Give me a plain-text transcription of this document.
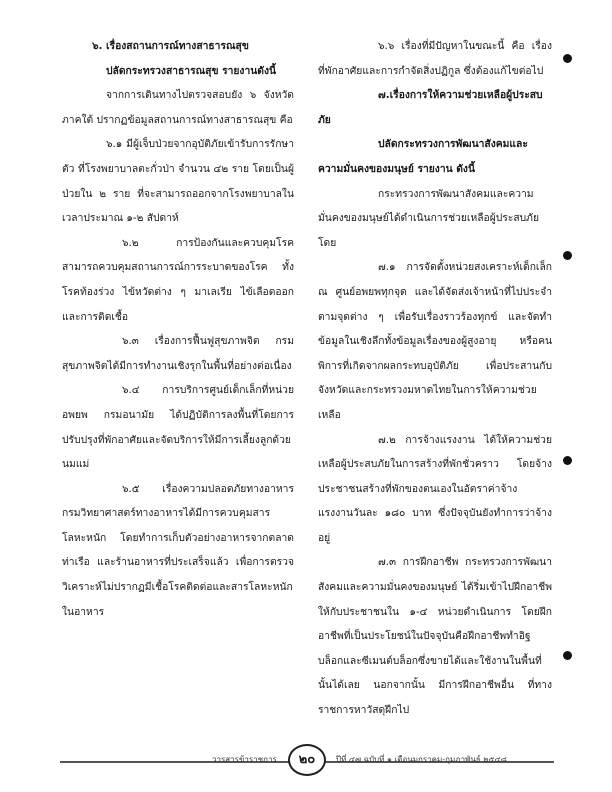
๖. เรื่องสถานการณ์ทางสาธารณสุข

ปลัดกระทรวงสาธารณสุข รายงานดังนี้

จากการเดินทางไปตรวจสอบยัง ๖ จังหวัดภาคใต้ ปรากฏข้อมูลสถานการณ์ทางสาธารณสุข คือ

๖.๑ มีผู้เจ็บป่วยจากอุบัติภัยเข้ารับการรักษาตัว ที่โรงพยาบาลตะกั่วป่า จำนวน ๔๒ ราย โดยเป็นผู้ป่วยใน ๒ ราย ที่จะสามารถออกจากโรงพยาบาลในเวลาประมาณ ๑-๒ สัปดาห์

๖.๒ การป้องกันและควบคุมโรค สามารถควบคุมสถานการณ์การระบาดของโรค ทั้งโรคท้องร่วง ไข้หวัดต่าง ๆ มาเลเรีย ไข้เลือดออก และการติดเชื้อ

๖.๓ เรื่องการฟื้นฟูสุขภาพจิต กรมสุขภาพจิตได้มีการทำงานเชิงรุกในพื้นที่อย่างต่อเนื่อง

๖.๔ การบริการศูนย์เด็กเล็กที่หน่วยอพยพ กรมอนามัย ได้ปฏิบัติการลงพื้นที่โดยการปรับปรุงที่พักอาศัยและจัดบริการให้มีการเลี้ยงลูกด้วยนมแม่

๖.๕ เรื่องความปลอดภัยทางอาหาร กรมวิทยาศาสตร์ทางอาหารได้มีการควบคุมสารโลหะหนัก โดยทำการเก็บตัวอย่างอาหารจากตลาด ท่าเรือ และร้านอาหารที่ประเสร็จแล้ว เพื่อการตรวจวิเคราะห์ไม่ปรากฏมีเชื้อโรคติดต่อและสารโลหะหนักในอาหาร

๖.๖ เรื่องที่มีปัญหาในขณะนี้ คือ เรื่องที่พักอาศัยและการกำจัดสิ่งปฏิกูล ซึ่งต้องแก้ไขต่อไป

๗.เรื่องการให้ความช่วยเหลือผู้ประสบภัย

ปลัดกระทรวงการพัฒนาสังคมและความมั่นคงของมนุษย์ รายงาน ดังนี้

กระทรวงการพัฒนาสังคมและความมั่นคงของมนุษย์ได้ดำเนินการช่วยเหลือผู้ประสบภัย โดย

๗.๑ การจัดตั้งหน่วยสงเคราะห์เด็กเล็ก ณ ศูนย์อพยพทุกจุด และได้จัดส่งเจ้าหน้าที่ไปประจำตามจุดต่าง ๆ เพื่อรับเรื่องราวร้องทุกข์ และจัดทำข้อมูลในเชิงลึกทั้งข้อมูลเรื่องของผู้สูงอายุ หรือคนพิการที่เกิดจากผลกระทบอุบัติภัย เพื่อประสานกับจังหวัดและกระทรวงมหาดไทยในการให้ความช่วยเหลือ

๗.๒ การจ้างแรงงาน ได้ให้ความช่วยเหลือผู้ประสบภัยในการสร้างที่พักชั่วคราว โดยจ้างประชาชนสร้างที่พักของตนเองในอัตราค่าจ้างแรงงานวันละ ๑๘๐ บาท ซึ่งปัจจุบันยังทำการว่าจ้างอยู่

๗.๓ การฝึกอาชีพ กระทรวงการพัฒนาสังคมและความมั่นคงของมนุษย์ ได้ริ่มเข้าไปฝึกอาชีพให้กับประชาชนใน ๑-๔ หน่วยดำเนินการ โดยฝึกอาชีพที่เป็นประโยชน์ในปัจจุบันคือฝึกอาชีพทำอิฐบล็อกและซีเมนต์บล็อกซึ่งขายได้และใช้งานในพื้นที่นั้นได้เลย นอกจากนั้น มีการฝึกอาชีพอื่น ที่ทางราชการหาวัสดุฝึกไป

วารสารข้าราชการ	๒๐	ปีที่ ๔๗ ฉบับที่ ๑ เดือนมกราคม-กุมภาพันธ์ ๒๕๔๘
